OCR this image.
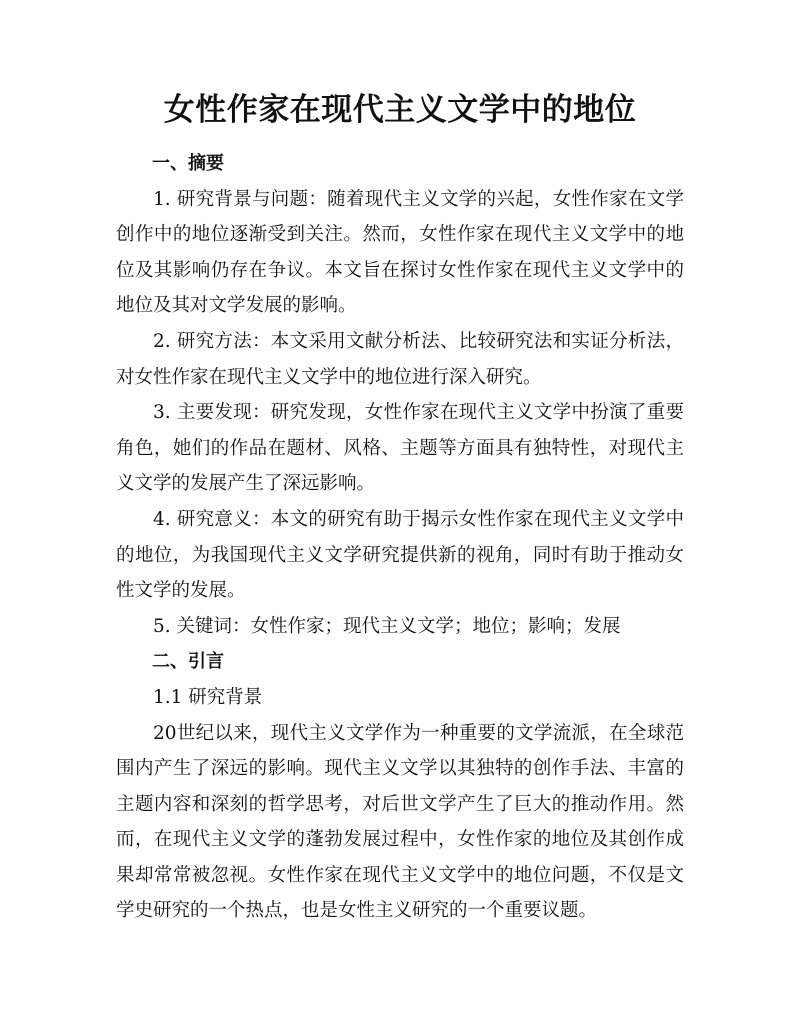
女性作家在现代主义文学中的地位

一、摘要

1. 研究背景与问题：随着现代主义文学的兴起，女性作家在文学创作中的地位逐渐受到关注。然而，女性作家在现代主义文学中的地位及其影响仍存在争议。本文旨在探讨女性作家在现代主义文学中的地位及其对文学发展的影响。

2. 研究方法：本文采用文献分析法、比较研究法和实证分析法，对女性作家在现代主义文学中的地位进行深入研究。

3. 主要发现：研究发现，女性作家在现代主义文学中扮演了重要角色，她们的作品在题材、风格、主题等方面具有独特性，对现代主义文学的发展产生了深远影响。

4. 研究意义：本文的研究有助于揭示女性作家在现代主义文学中的地位，为我国现代主义文学研究提供新的视角，同时有助于推动女性文学的发展。

5. 关键词：女性作家；现代主义文学；地位；影响；发展

二、引言

1.1 研究背景

20世纪以来，现代主义文学作为一种重要的文学流派，在全球范围内产生了深远的影响。现代主义文学以其独特的创作手法、丰富的主题内容和深刻的哲学思考，对后世文学产生了巨大的推动作用。然而，在现代主义文学的蓬勃发展过程中，女性作家的地位及其创作成果却常常被忽视。女性作家在现代主义文学中的地位问题，不仅是文学史研究的一个热点，也是女性主义研究的一个重要议题。
